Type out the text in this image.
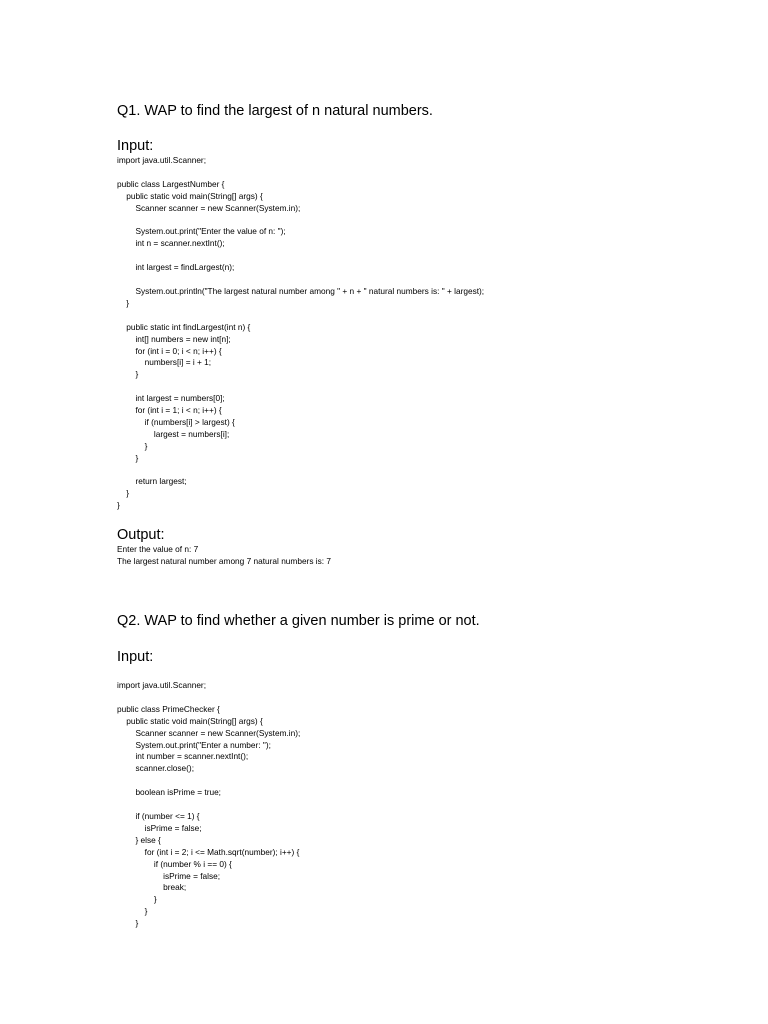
Q1. WAP to find the largest of n natural numbers.
Input:
import java.util.Scanner;

public class LargestNumber {
public static void main(String[] args) {
Scanner scanner = new Scanner(System.in);

System.out.print("Enter the value of n: ");
int n = scanner.nextInt();

int largest = findLargest(n);

System.out.println("The largest natural number among " + n + " natural numbers is: " + largest);
}

public static int findLargest(int n) {
int[] numbers = new int[n];
for (int i = 0; i < n; i++) {
numbers[i] = i + 1;
}

int largest = numbers[0];
for (int i = 1; i < n; i++) {
if (numbers[i] > largest) {
largest = numbers[i];
}
}

return largest;
}
}
Output:
Enter the value of n: 7
The largest natural number among 7 natural numbers is: 7
Q2. WAP to find whether a given number is prime or not.
Input:
import java.util.Scanner;

public class PrimeChecker {
public static void main(String[] args) {
Scanner scanner = new Scanner(System.in);
System.out.print("Enter a number: ");
int number = scanner.nextInt();
scanner.close();

boolean isPrime = true;

if (number <= 1) {
isPrime = false;
} else {
for (int i = 2; i <= Math.sqrt(number); i++) {
if (number % i == 0) {
isPrime = false;
break;
}
}
}
